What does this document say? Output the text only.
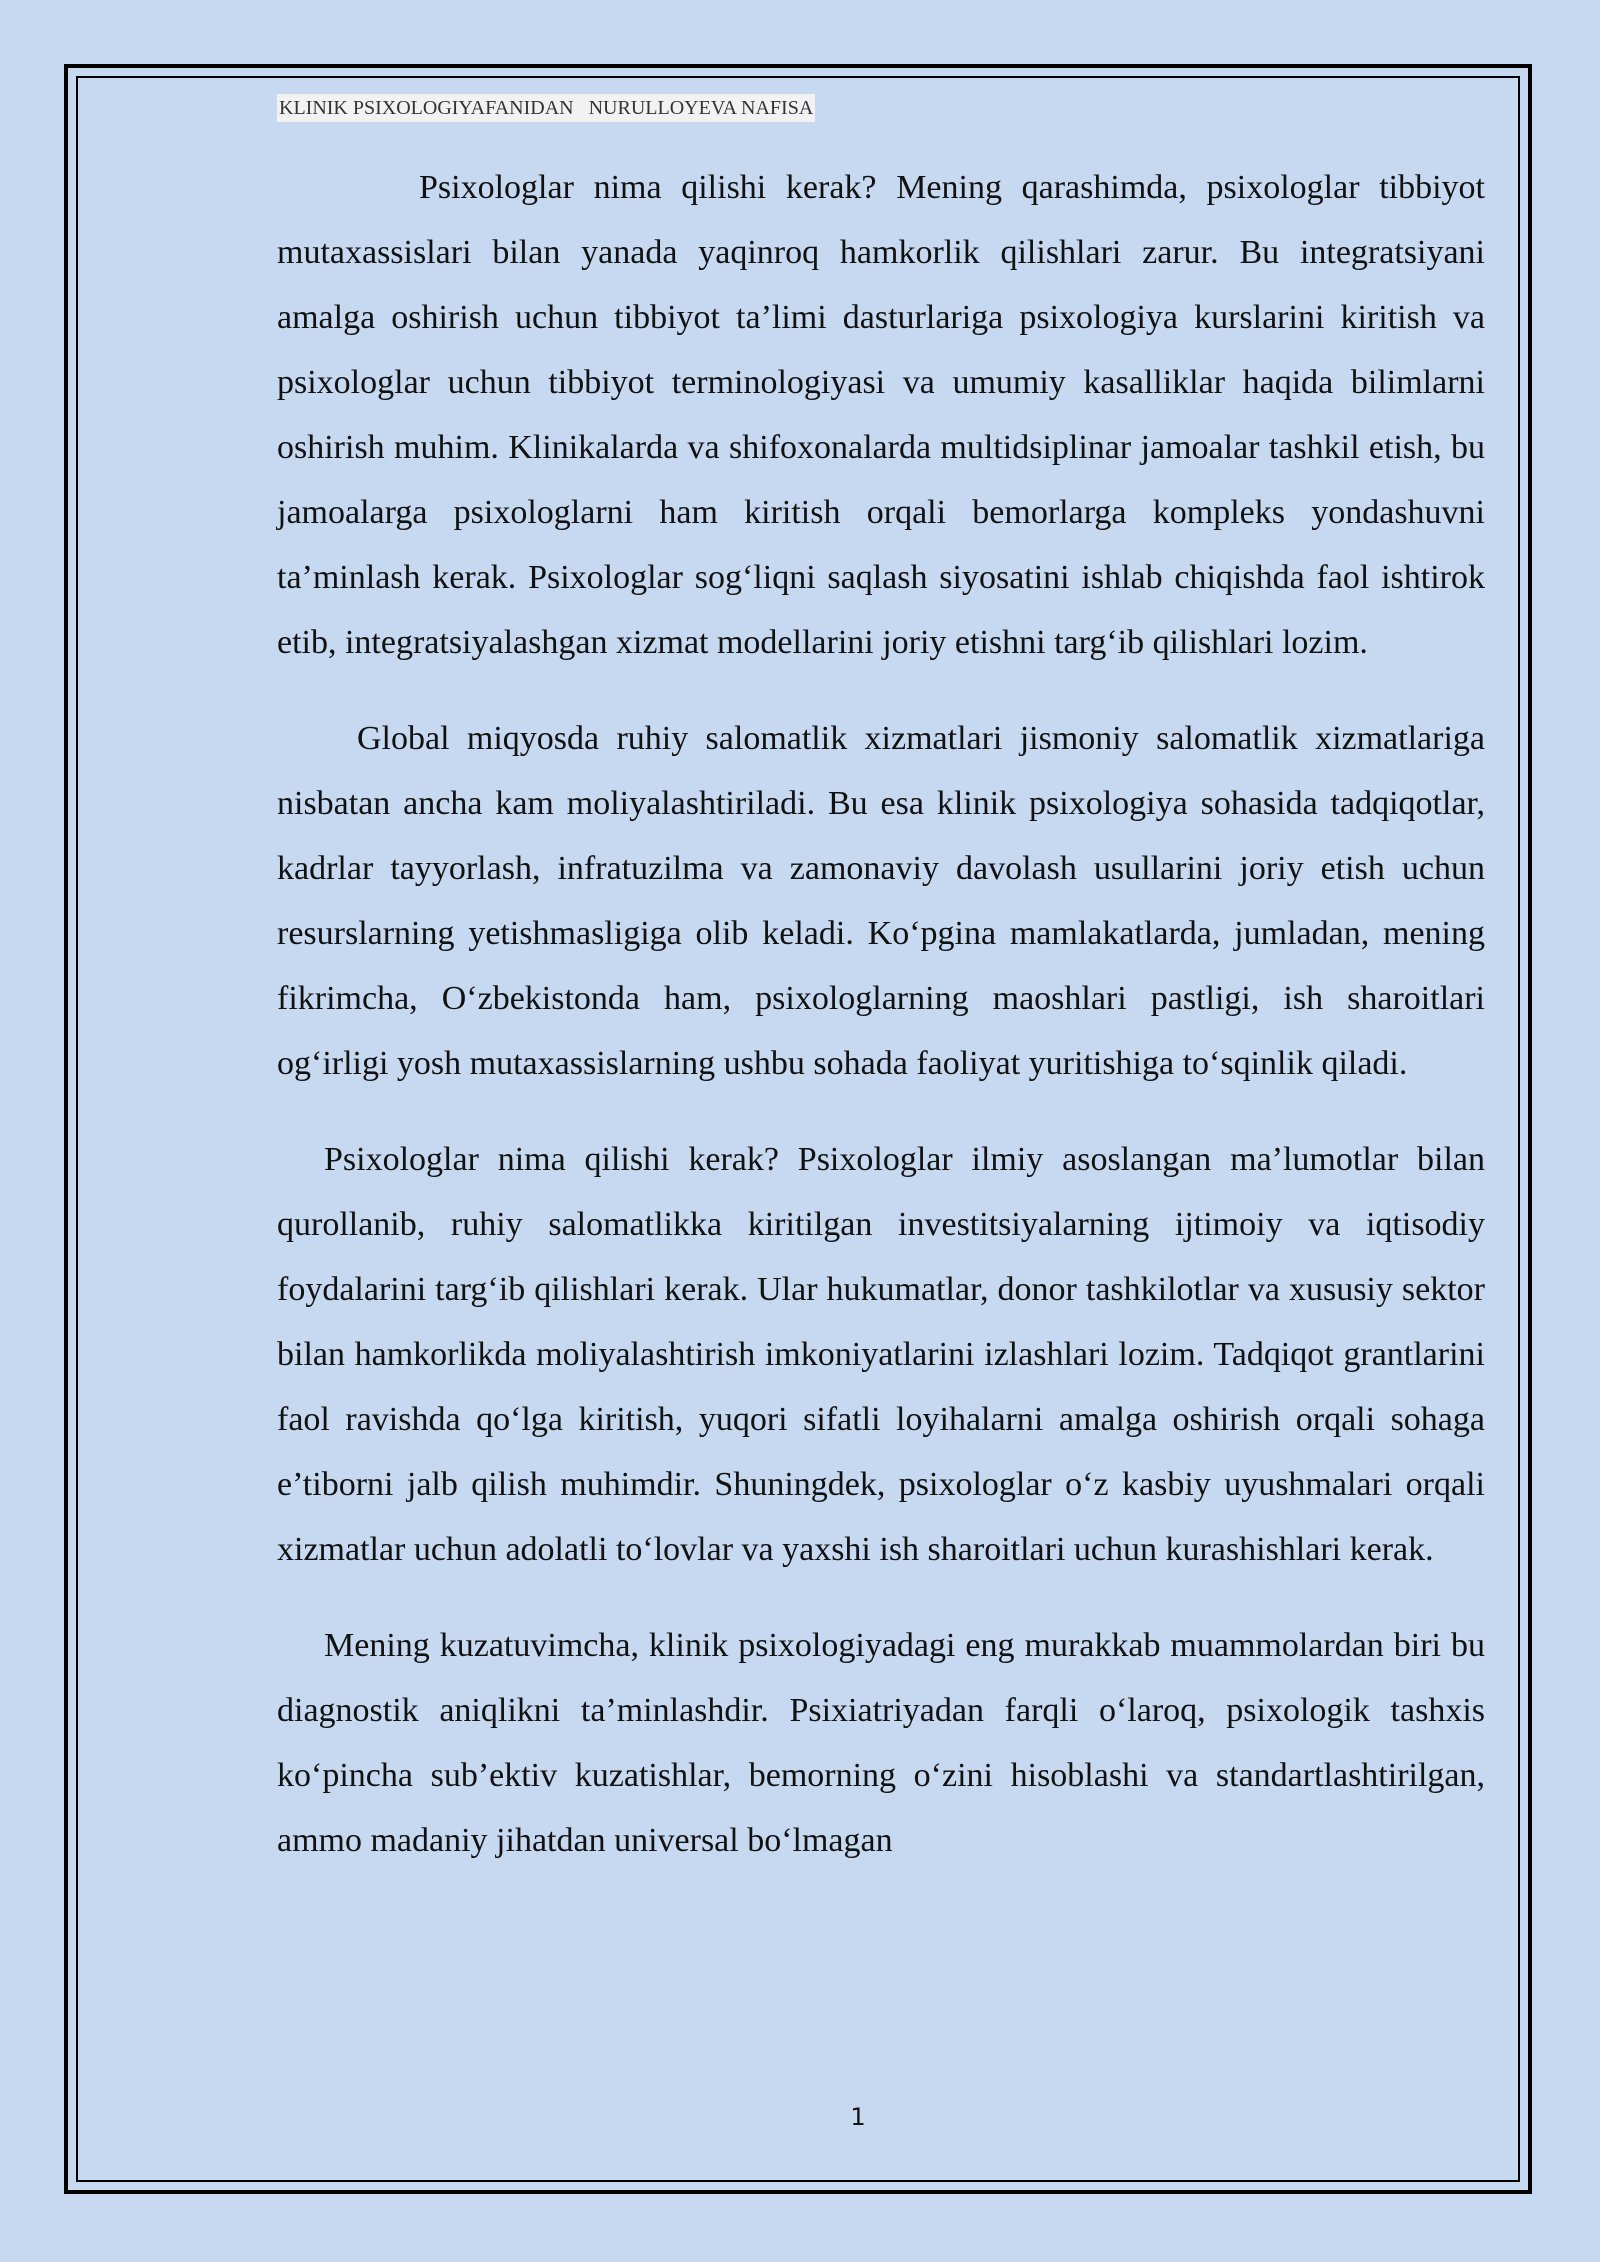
KLINIK PSIXOLOGIYAFANIDAN   NURULLOYEVA NAFISA

Psixologlar nima qilishi kerak? Mening qarashimda, psixologlar tibbiyot mutaxassislari bilan yanada yaqinroq hamkorlik qilishlari zarur. Bu integratsiyani amalga oshirish uchun tibbiyot ta’limi dasturlariga psixologiya kurslarini kiritish va psixologlar uchun tibbiyot terminologiyasi va umumiy kasalliklar haqida bilimlarni oshirish muhim. Klinikalarda va shifoxonalarda multidsiplinar jamoalar tashkil etish, bu jamoalarga psixologlarni ham kiritish orqali bemorlarga kompleks yondashuvni ta’minlash kerak. Psixologlar sog‘liqni saqlash siyosatini ishlab chiqishda faol ishtirok etib, integratsiyalashgan xizmat modellarini joriy etishni targ‘ib qilishlari lozim.

Global miqyosda ruhiy salomatlik xizmatlari jismoniy salomatlik xizmatlariga nisbatan ancha kam moliyalashtiriladi. Bu esa klinik psixologiya sohasida tadqiqotlar, kadrlar tayyorlash, infratuzilma va zamonaviy davolash usullarini joriy etish uchun resurslarning yetishmasligiga olib keladi. Ko‘pgina mamlakatlarda, jumladan, mening fikrimcha, O‘zbekistonda ham, psixologlarning maoshlari pastligi, ish sharoitlari og‘irligi yosh mutaxassislarning ushbu sohada faoliyat yuritishiga to‘sqinlik qiladi.

Psixologlar nima qilishi kerak? Psixologlar ilmiy asoslangan ma’lumotlar bilan qurollanib, ruhiy salomatlikka kiritilgan investitsiyalarning ijtimoiy va iqtisodiy foydalarini targ‘ib qilishlari kerak. Ular hukumatlar, donor tashkilotlar va xususiy sektor bilan hamkorlikda moliyalashtirish imkoniyatlarini izlashlari lozim. Tadqiqot grantlarini faol ravishda qo‘lga kiritish, yuqori sifatli loyihalarni amalga oshirish orqali sohaga e’tiborni jalb qilish muhimdir. Shuningdek, psixologlar o‘z kasbiy uyushmalari orqali xizmatlar uchun adolatli to‘lovlar va yaxshi ish sharoitlari uchun kurashishlari kerak.

Mening kuzatuvimcha, klinik psixologiyadagi eng murakkab muammolardan biri bu diagnostik aniqlikni ta’minlashdir. Psixiatriyadan farqli o‘laroq, psixologik tashxis ko‘pincha sub’ektiv kuzatishlar, bemorning o‘zini hisoblashi va standartlashtirilgan, ammo madaniy jihatdan universal bo‘lmagan

1
